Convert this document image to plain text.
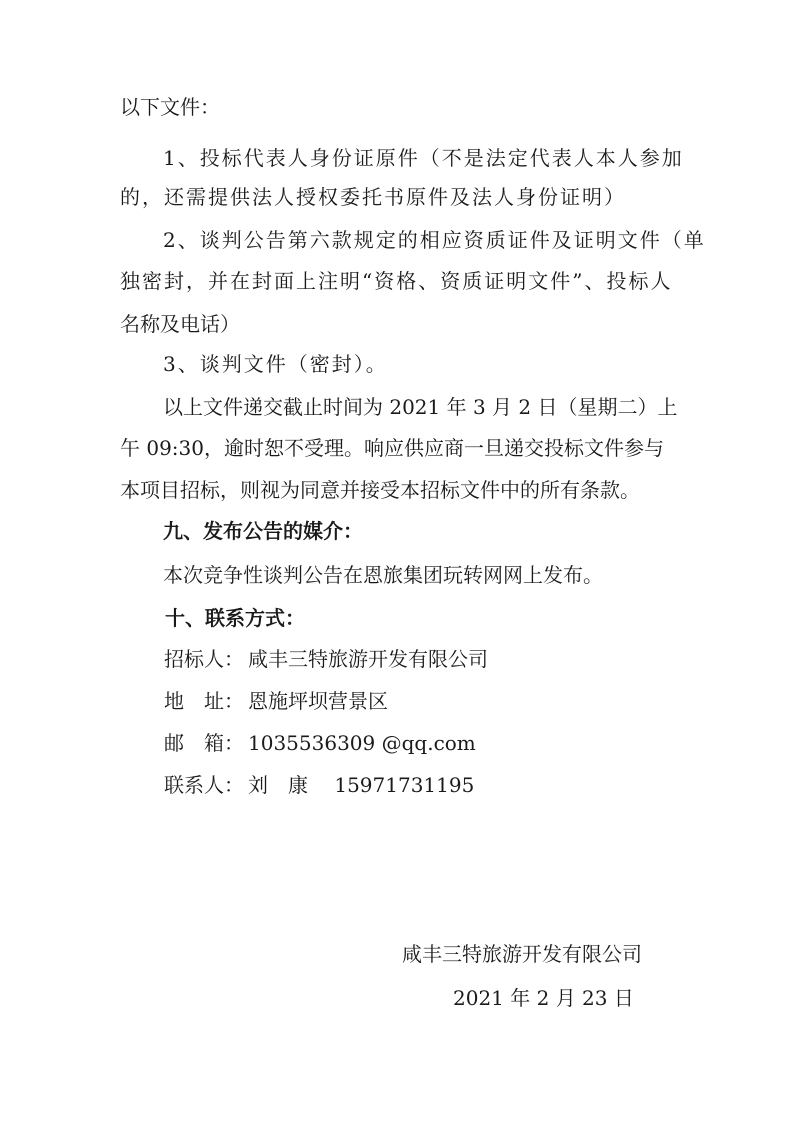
以下文件：
1、投标代表人身份证原件（不是法定代表人本人参加
的，还需提供法人授权委托书原件及法人身份证明）
2、谈判公告第六款规定的相应资质证件及证明文件（单
独密封，并在封面上注明“资格、资质证明文件”、投标人
名称及电话）
3、谈判文件（密封）。
以上文件递交截止时间为 2021 年 3 月 2 日（星期二）上
午 09:30，逾时恕不受理。响应供应商一旦递交投标文件参与
本项目招标，则视为同意并接受本招标文件中的所有条款。
九、发布公告的媒介：
本次竞争性谈判公告在恩旅集团玩转网网上发布。
十、联系方式：
招标人： 咸丰三特旅游开发有限公司
地　址： 恩施坪坝营景区
邮　箱： 1035536309 @qq.com
联系人： 刘　康　 15971731195
咸丰三特旅游开发有限公司
2021 年 2 月 23 日
